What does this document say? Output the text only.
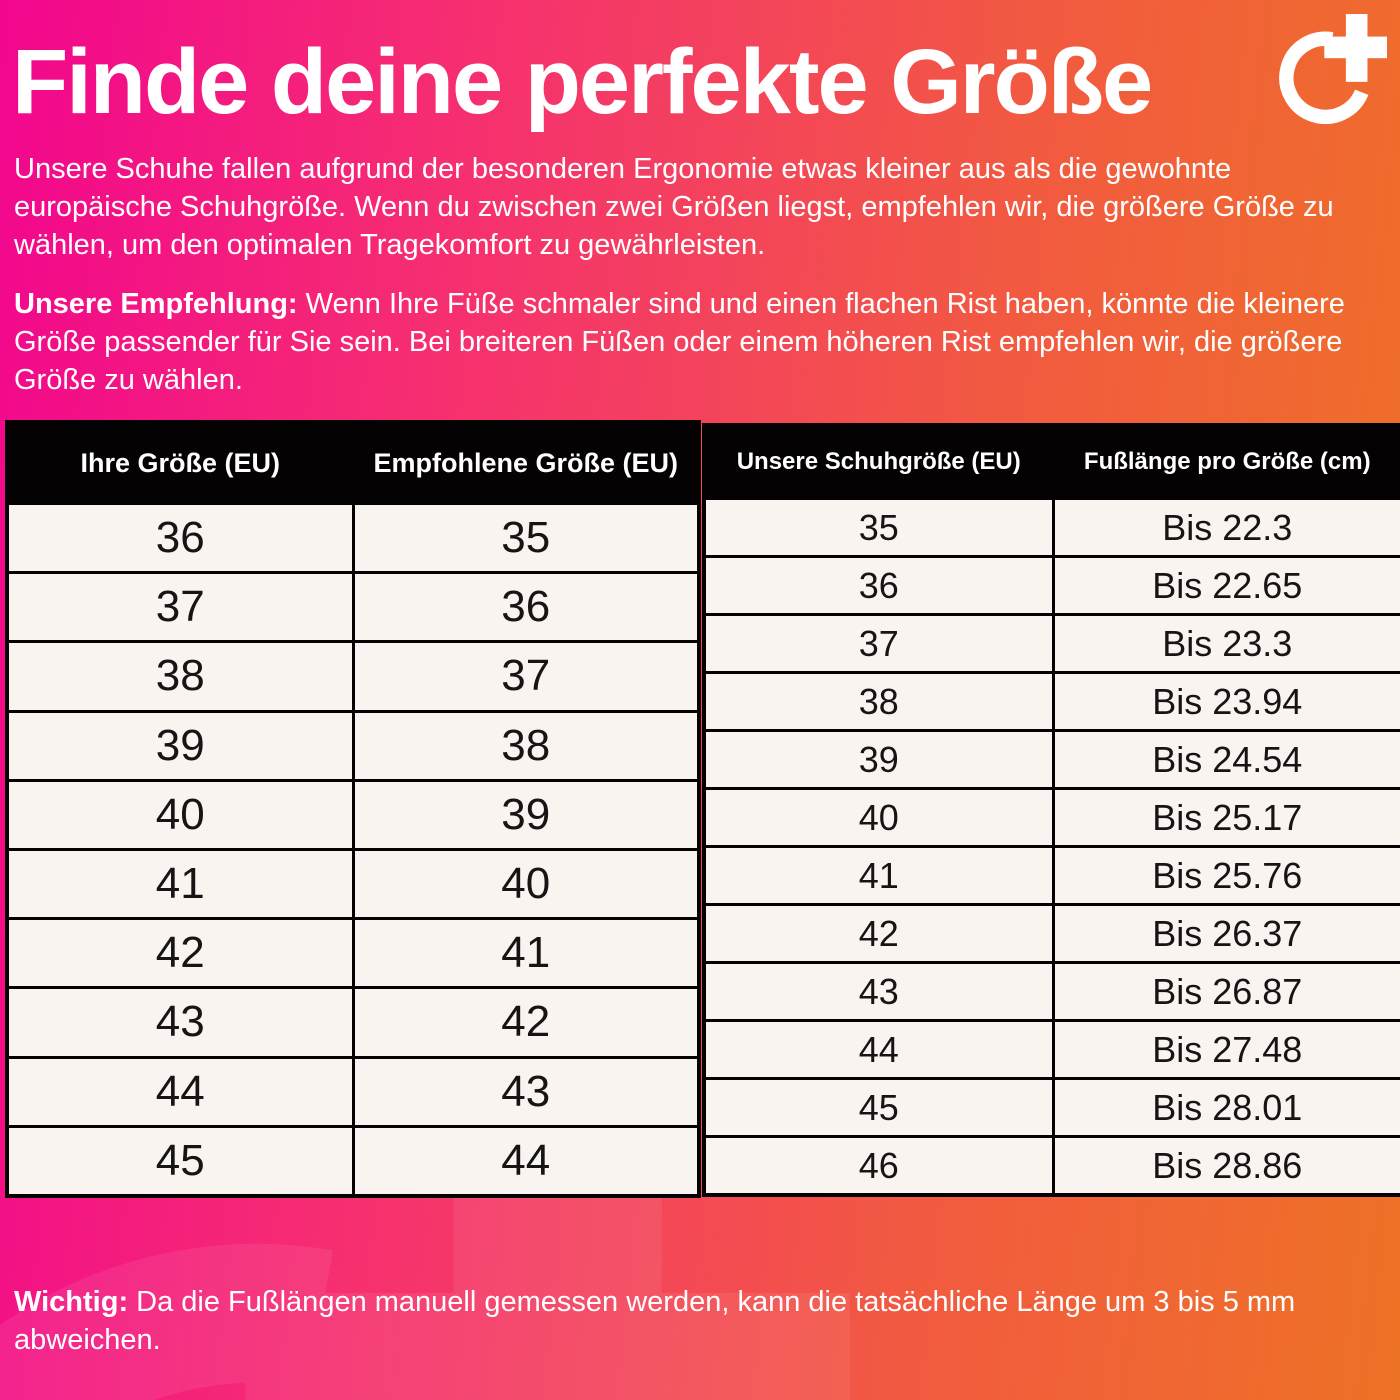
Finde deine perfekte Größe

Unsere Schuhe fallen aufgrund der besonderen Ergonomie etwas kleiner aus als die gewohnte europäische Schuhgröße. Wenn du zwischen zwei Größen liegst, empfehlen wir, die größere Größe zu wählen, um den optimalen Tragekomfort zu gewährleisten.

Unsere Empfehlung: Wenn Ihre Füße schmaler sind und einen flachen Rist haben, könnte die kleinere Größe passender für Sie sein. Bei breiteren Füßen oder einem höheren Rist empfehlen wir, die größere Größe zu wählen.

Ihre Größe (EU)	Empfohlene Größe (EU)
36	35
37	36
38	37
39	38
40	39
41	40
42	41
43	42
44	43
45	44
Unsere Schuhgröße (EU)	Fußlänge pro Größe (cm)
35	Bis 22.3
36	Bis 22.65
37	Bis 23.3
38	Bis 23.94
39	Bis 24.54
40	Bis 25.17
41	Bis 25.76
42	Bis 26.37
43	Bis 26.87
44	Bis 27.48
45	Bis 28.01
46	Bis 28.86

Wichtig: Da die Fußlängen manuell gemessen werden, kann die tatsächliche Länge um 3 bis 5 mm abweichen.
